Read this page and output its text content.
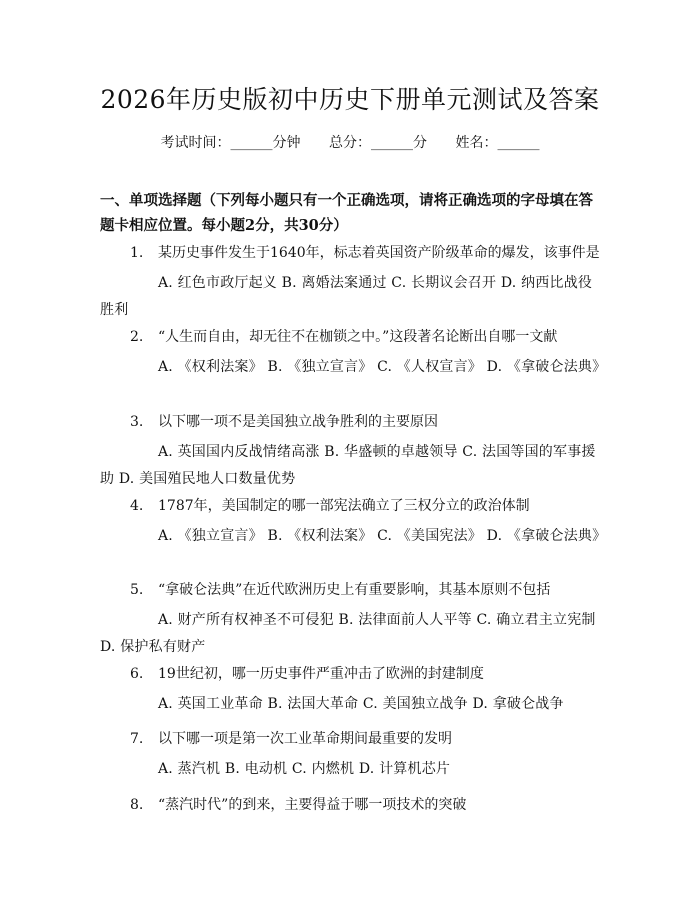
2026年历史版初中历史下册单元测试及答案
考试时间：______分钟 总分：______分 姓名：______
一、单项选择题（下列每小题只有一个正确选项，请将正确选项的字母填在答题卡相应位置。每小题2分，共30分）
1. 某历史事件发生于1640年，标志着英国资产阶级革命的爆发，该事件是
A. 红色市政厅起义 B. 离婚法案通过 C. 长期议会召开 D. 纳西比战役胜利
2. “人生而自由，却无往不在枷锁之中。”这段著名论断出自哪一文献
A. 《权利法案》 B. 《独立宣言》 C. 《人权宣言》 D. 《拿破仑法典》
3. 以下哪一项不是美国独立战争胜利的主要原因
A. 英国国内反战情绪高涨 B. 华盛顿的卓越领导 C. 法国等国的军事援助 D. 美国殖民地人口数量优势
4. 1787年，美国制定的哪一部宪法确立了三权分立的政治体制
A. 《独立宣言》 B. 《权利法案》 C. 《美国宪法》 D. 《拿破仑法典》
5. “拿破仑法典”在近代欧洲历史上有重要影响，其基本原则不包括
A. 财产所有权神圣不可侵犯 B. 法律面前人人平等 C. 确立君主立宪制 D. 保护私有财产
6. 19世纪初，哪一历史事件严重冲击了欧洲的封建制度
A. 英国工业革命 B. 法国大革命 C. 美国独立战争 D. 拿破仑战争
7. 以下哪一项是第一次工业革命期间最重要的发明
A. 蒸汽机 B. 电动机 C. 内燃机 D. 计算机芯片
8. “蒸汽时代”的到来，主要得益于哪一项技术的突破
